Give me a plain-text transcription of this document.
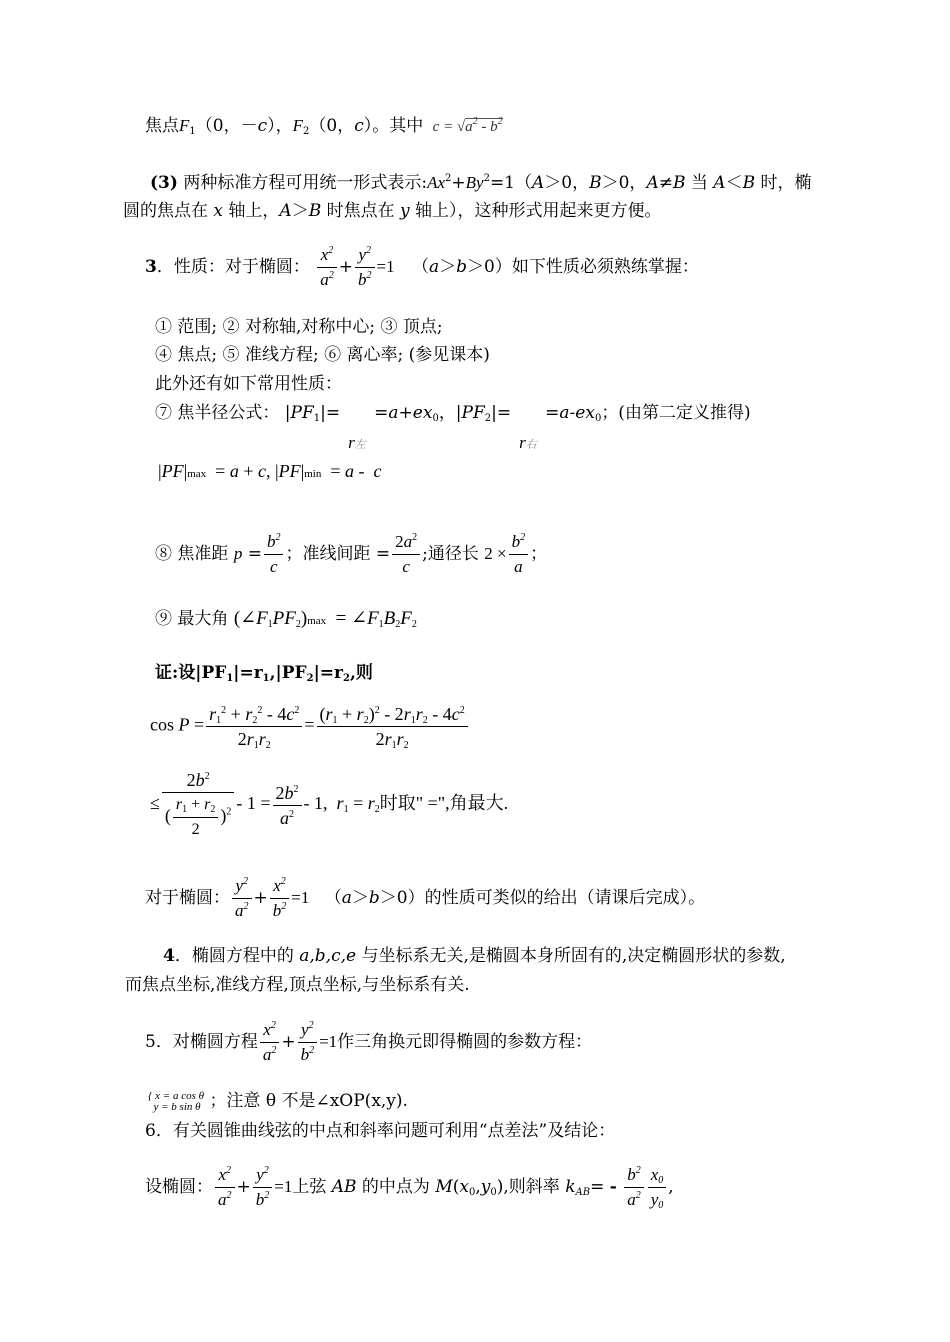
焦点$F_1(0$，－c），$F_2(0$，c）。其中 $c = √a^2 - b^2$
(3) 两种标准方程可用统一形式表示$:Ax^2+By^2=1(A>0$，B＞0，A≠B 当 A＜B 时，椭
圆的焦点在 x 轴上，A＞B 时焦点在 y 轴上），这种形式用起来更方便。
3．性质：对于椭圆： $\frac{x^2}{a^2} + \frac{y^2}{b^2} =1$ （a＞b＞0）如下性质必须熟练掌握：
① 范围; ② 对称轴,对称中心; ③ 顶点;
④ 焦点; ⑤ 准线方程; ⑥ 离心率; (参见课本)
此外还有如下常用性质：
⑦ 焦半径公式： $|PF_1|=$
r左
$=a+ex_0$，$|PF_2|=$
r右
$=a-ex_0$；(由第二定义推得)
|PF|max  = a + c, |PF|min  = a -  c
⑧ 焦准距 $p = \frac{b^2}{c}$ ；准线间距 = $\frac{2a^2}{c}$ ;通径长 $2 \times \frac{b^2}{a}$ ；
⑨ 最大角 $(\angle F_1PF_2)\max$  = $\angle F_1B_2F_2$
证:设$|PF_1|=r_1,|PF_2|=r_2$,则
$\cos P = \frac{r_1^2 + r_2^2 - 4c^2}{2r_1r_2} = \frac{(r_1 + r_2)^2 - 2r_1r_2 - 4c^2}{2r_1r_2}$
≤ $\frac{2b^2}{( \frac{r_1 + r_2}{2} )^2} - 1 = \frac{2b^2}{a^2} - 1$,  $r_1 = r_2$时取" =",角最大.
对于椭圆： $\frac{y^2}{a^2} + \frac{x^2}{b^2} =1$ （a＞b＞0）的性质可类似的给出（请课后完成）。
4．椭圆方程中的 a,b,c,e 与坐标系无关,是椭圆本身所固有的,决定椭圆形状的参数,
而焦点坐标,准线方程,顶点坐标,与坐标系有关.
5．对椭圆方程 $\frac{x^2}{a^2} + \frac{y^2}{b^2} =1$作三角换元即得椭圆的参数方程：
{ x = a cos θ
y = b sin θ ；注意 θ 不是∠xOP(x,y).
6．有关圆锥曲线弦的中点和斜率问题可利用“点差法”及结论：
设椭圆： $\frac{x^2}{a^2} + \frac{y^2}{b^2} =1$上弦 AB 的中点为 $M(x_0,y_0)$,则斜率 $k_{AB}= - \frac{b^2}{a^2} \frac{x_0}{y_0}$ ,
